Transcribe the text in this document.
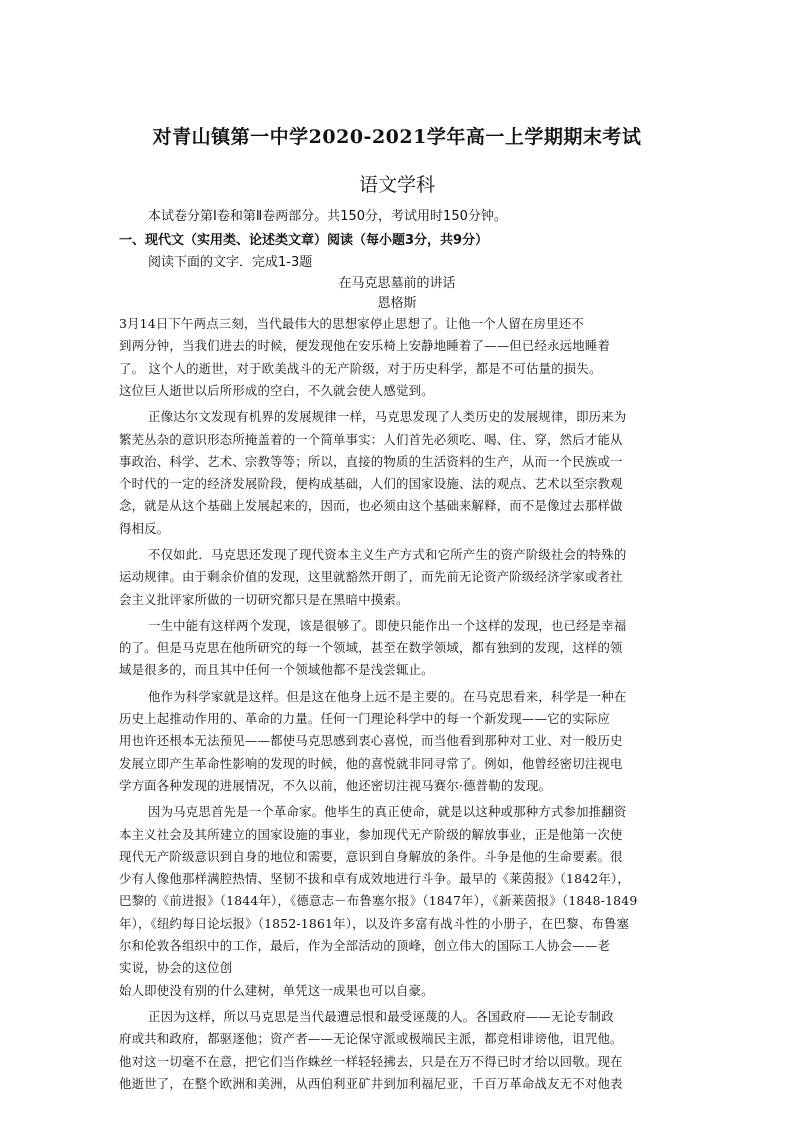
对青山镇第一中学2020-2021学年高一上学期期末考试
语文学科
本试卷分第Ⅰ卷和第Ⅱ卷两部分。共150分，考试用时150分钟。
一、现代文（实用类、论述类文章）阅读（每小题3分，共9分）
阅读下面的文字．完成1-3题
在马克思墓前的讲话
恩格斯
3月14日下午两点三刻，当代最伟大的思想家停止思想了。让他一个人留在房里还不
到两分钟，当我们进去的时候，便发现他在安乐椅上安静地睡着了——但已经永远地睡着
了。 这个人的逝世，对于欧美战斗的无产阶级，对于历史科学，都是不可估量的损失。
这位巨人逝世以后所形成的空白，不久就会使人感觉到。
正像达尔文发现有机界的发展规律一样，马克思发现了人类历史的发展规律，即历来为
繁芜丛杂的意识形态所掩盖着的一个简单事实：人们首先必须吃、喝、住、穿，然后才能从
事政治、科学、艺术、宗教等等；所以，直接的物质的生活资料的生产，从而一个民族或一
个时代的一定的经济发展阶段，便构成基础，人们的国家设施、法的观点、艺术以至宗教观
念，就是从这个基础上发展起来的，因而，也必须由这个基础来解释，而不是像过去那样做
得相反。
不仅如此．马克思还发现了现代资本主义生产方式和它所产生的资产阶级社会的特殊的
运动规律。由于剩余价值的发现，这里就豁然开朗了，而先前无论资产阶级经济学家或者社
会主义批评家所做的一切研究都只是在黑暗中摸索。
一生中能有这样两个发现，该是很够了。即使只能作出一个这样的发现，也已经是幸福
的了。但是马克思在他所研究的每一个领域，甚至在数学领域，都有独到的发现，这样的领
域是很多的，而且其中任何一个领域他都不是浅尝辄止。
他作为科学家就是这样。但是这在他身上远不是主要的。在马克思看来，科学是一种在
历史上起推动作用的、革命的力量。任何一门理论科学中的每一个新发现——它的实际应
用也许还根本无法预见——都使马克思感到衷心喜悦，而当他看到那种对工业、对一般历史
发展立即产生革命性影响的发现的时候，他的喜悦就非同寻常了。例如，他曾经密切注视电
学方面各种发现的进展情况，不久以前，他还密切注视马赛尔·德普勒的发现。
因为马克思首先是一个革命家。他毕生的真正使命，就是以这种或那种方式参加推翻资
本主义社会及其所建立的国家设施的事业，参加现代无产阶级的解放事业，正是他第一次使
现代无产阶级意识到自身的地位和需要，意识到自身解放的条件。斗争是他的生命要素。很
少有人像他那样满腔热情、坚韧不拔和卓有成效地进行斗争。最早的《莱茵报》（1842年），
巴黎的《前进报》（1844年），《德意志－布鲁塞尔报》（1847年），《新莱茵报》（1848-1849
年），《纽约每日论坛报》（1852-1861年），以及许多富有战斗性的小册子，在巴黎、布鲁塞
尔和伦敦各组织中的工作，最后，作为全部活动的顶峰，创立伟大的国际工人协会——老
实说，协会的这位创
始人即使没有别的什么建树，单凭这一成果也可以自豪。
正因为这样，所以马克思是当代最遭忌恨和最受诬蔑的人。各国政府——无论专制政
府或共和政府，都驱逐他；资产者——无论保守派或极端民主派，都竞相诽谤他，诅咒他。
他对这一切毫不在意，把它们当作蛛丝一样轻轻拂去，只是在万不得已时才给以回敬。现在
他逝世了，在整个欧洲和美洲，从西伯利亚矿井到加利福尼亚，千百万革命战友无不对他表
